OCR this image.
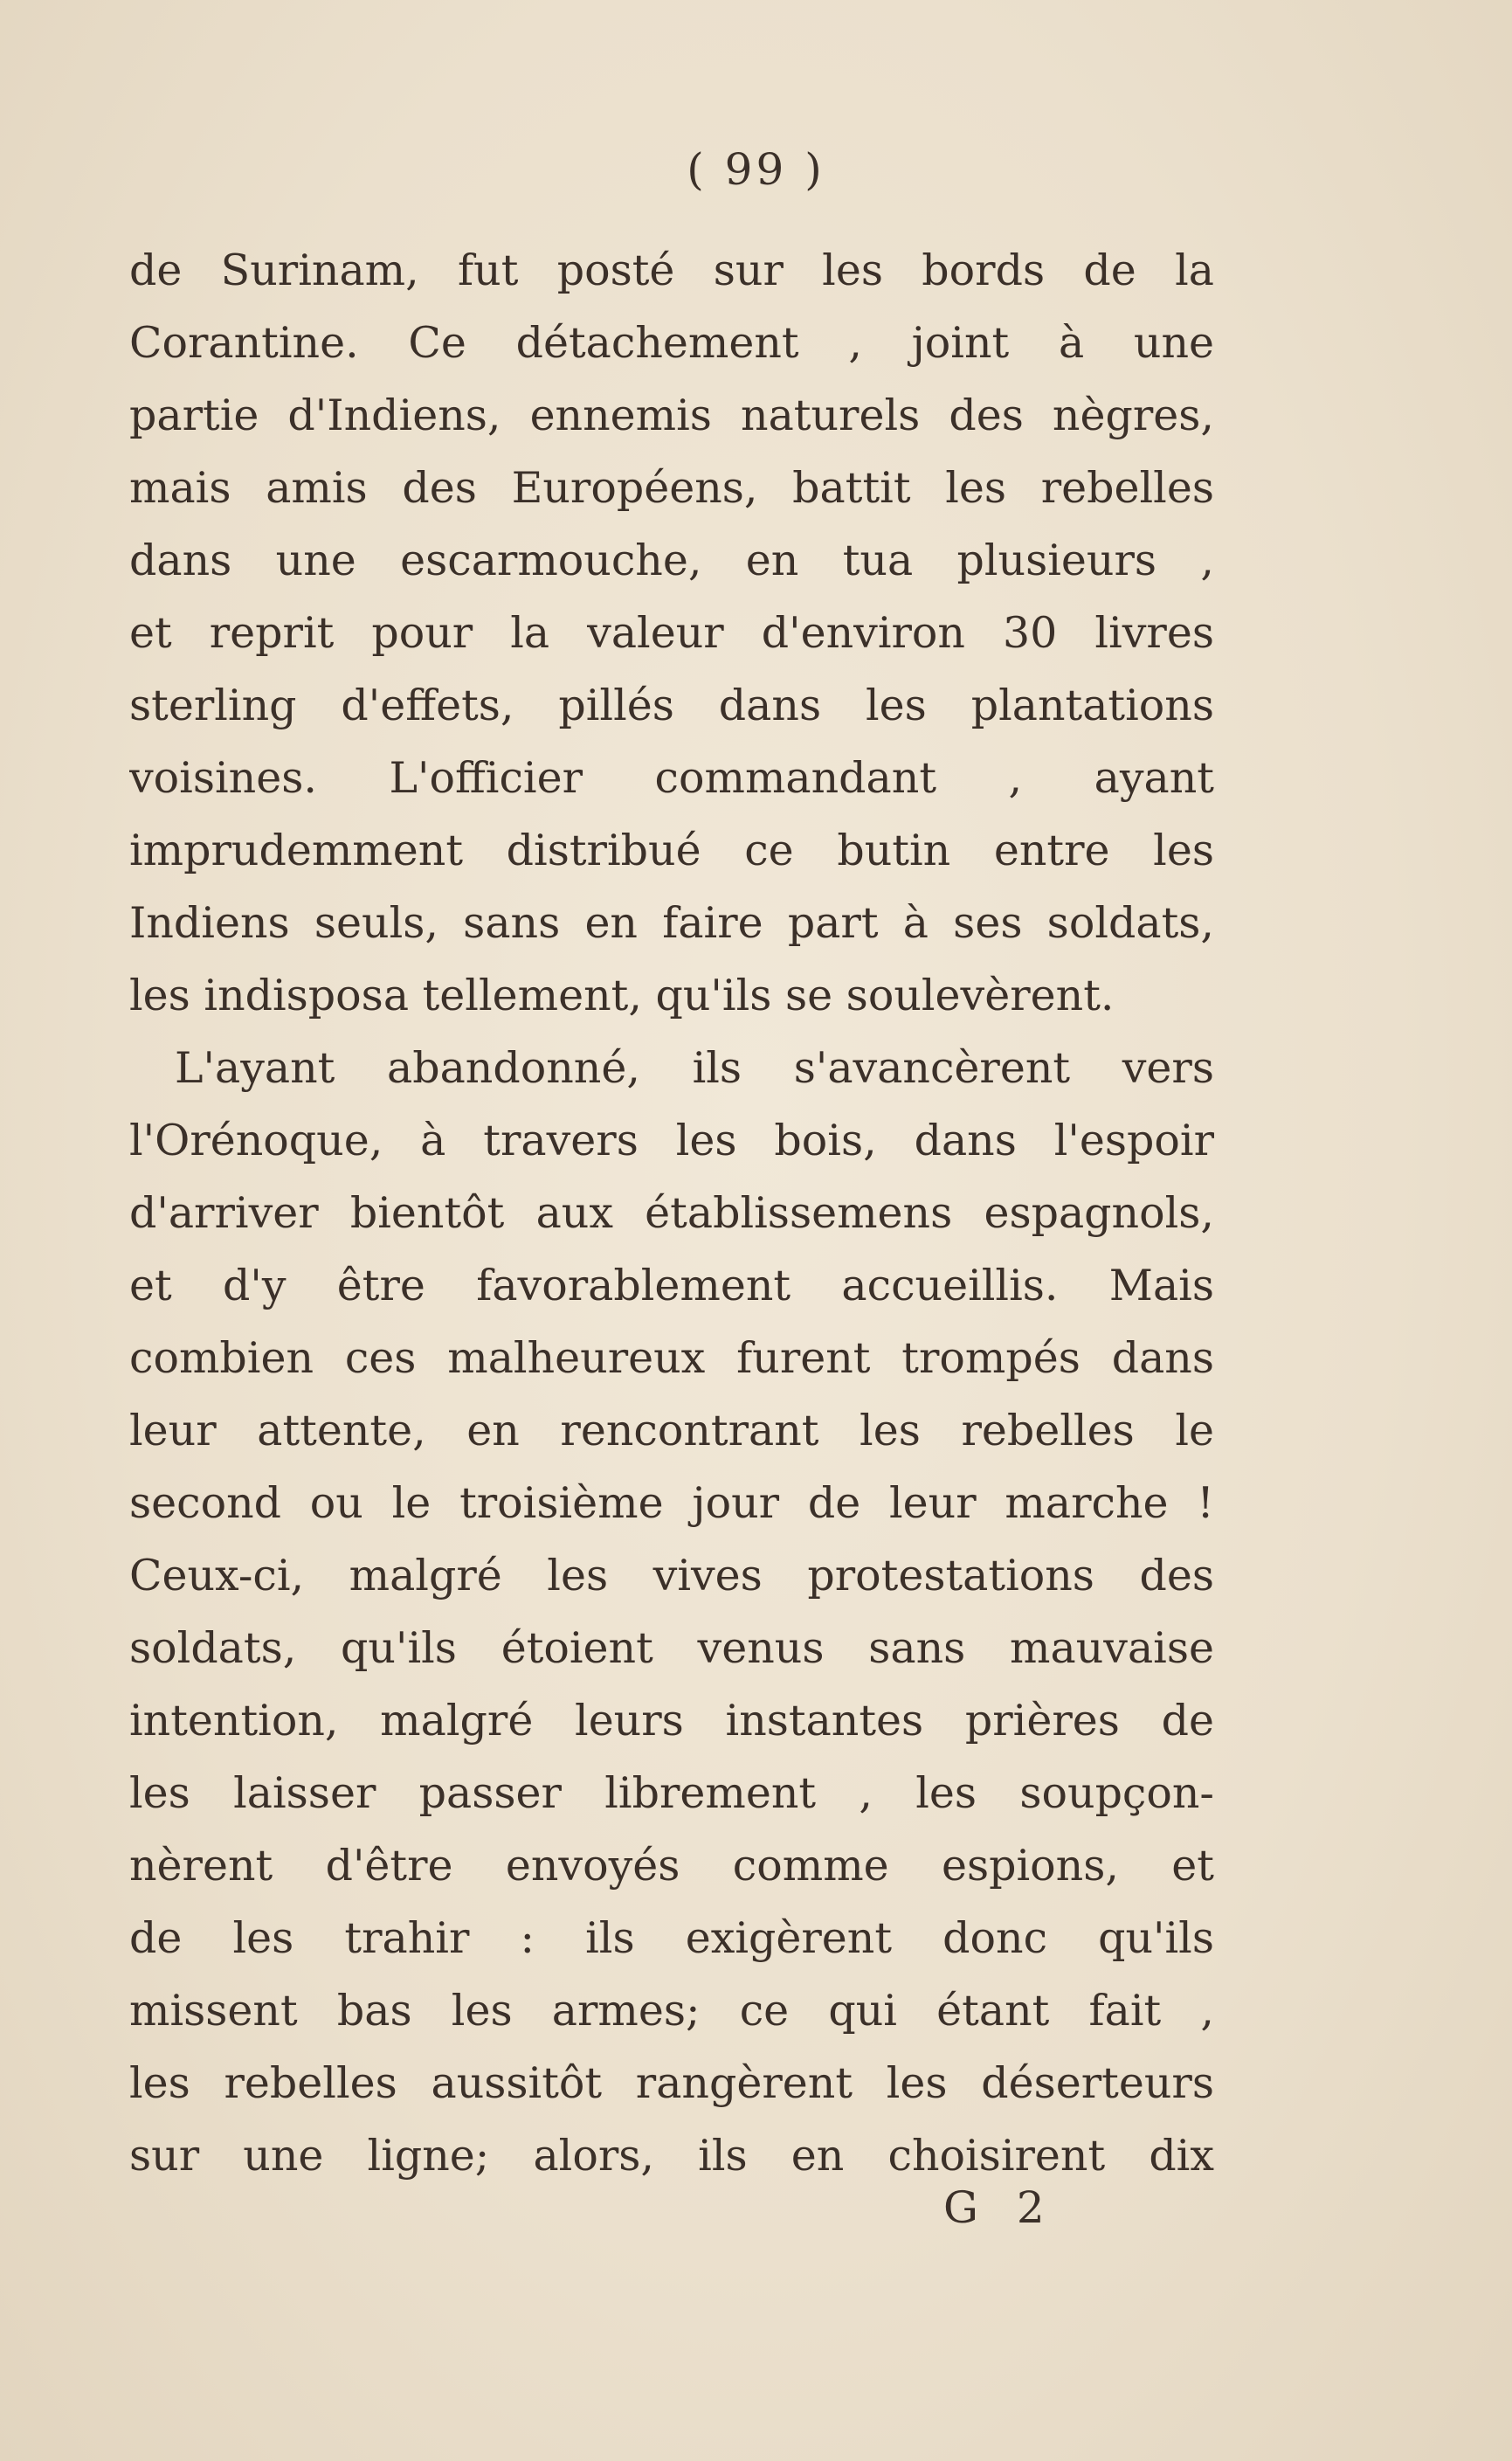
( 99 )
de Surinam, fut posté sur les bords de la
Corantine. Ce détachement , joint à une
partie d'Indiens, ennemis naturels des nègres,
mais amis des Européens, battit les rebelles
dans une escarmouche, en tua plusieurs ,
et reprit pour la valeur d'environ 30 livres
sterling d'effets, pillés dans les plantations
voisines. L'officier commandant , ayant
imprudemment distribué ce butin entre les
Indiens seuls, sans en faire part à ses soldats,
les indisposa tellement, qu'ils se soulevèrent.
L'ayant abandonné, ils s'avancèrent vers
l'Orénoque, à travers les bois, dans l'espoir
d'arriver bientôt aux établissemens espagnols,
et d'y être favorablement accueillis. Mais
combien ces malheureux furent trompés dans
leur attente, en rencontrant les rebelles le
second ou le troisième jour de leur marche !
Ceux-ci, malgré les vives protestations des
soldats, qu'ils étoient venus sans mauvaise
intention, malgré leurs instantes prières de
les laisser passer librement , les soupçon-
nèrent d'être envoyés comme espions, et
de les trahir : ils exigèrent donc qu'ils
missent bas les armes; ce qui étant fait ,
les rebelles aussitôt rangèrent les déserteurs
sur une ligne; alors, ils en choisirent dix
G 2
